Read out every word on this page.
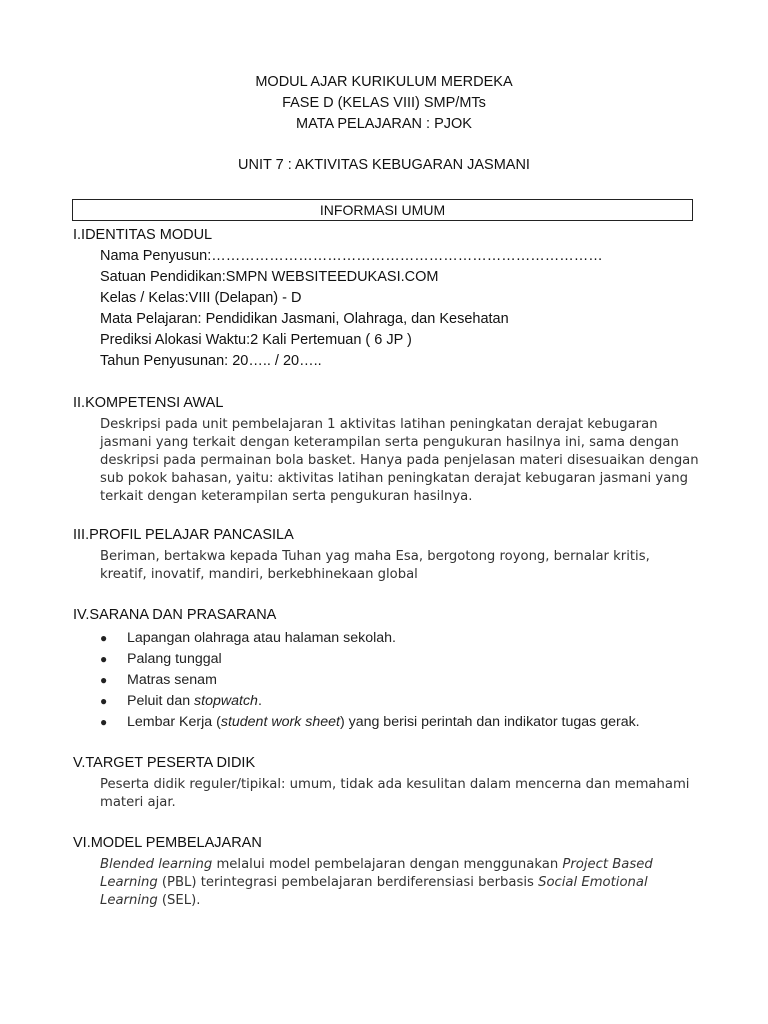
MODUL AJAR KURIKULUM MERDEKA
FASE D (KELAS VIII) SMP/MTs
MATA PELAJARAN : PJOK
UNIT 7 : AKTIVITAS KEBUGARAN JASMANI
INFORMASI UMUM
I.IDENTITAS MODUL
Nama Penyusun:………………………………………………………………………
Satuan Pendidikan:SMPN WEBSITEEDUKASI.COM
Kelas / Kelas:VIII (Delapan) - D
Mata Pelajaran: Pendidikan Jasmani, Olahraga, dan Kesehatan
Prediksi Alokasi Waktu:2 Kali Pertemuan ( 6 JP )
Tahun Penyusunan: 20….. / 20…..
II.KOMPETENSI AWAL
Deskripsi pada unit pembelajaran 1 aktivitas latihan peningkatan derajat kebugaran jasmani yang terkait dengan keterampilan serta pengukuran hasilnya ini, sama dengan deskripsi pada permainan bola basket. Hanya pada penjelasan materi disesuaikan dengan sub pokok bahasan, yaitu: aktivitas latihan peningkatan derajat kebugaran jasmani yang terkait dengan keterampilan serta pengukuran hasilnya.
III.PROFIL PELAJAR PANCASILA
Beriman, bertakwa kepada Tuhan yag maha Esa, bergotong royong, bernalar kritis, kreatif, inovatif, mandiri, berkebhinekaan global
IV.SARANA DAN PRASARANA
●	Lapangan olahraga atau halaman sekolah.
●	Palang tunggal
●	Matras senam
●	Peluit dan stopwatch.
●	Lembar Kerja (student work sheet) yang berisi perintah dan indikator tugas gerak.
V.TARGET PESERTA DIDIK
Peserta didik reguler/tipikal: umum, tidak ada kesulitan dalam mencerna dan memahami materi ajar.
VI.MODEL PEMBELAJARAN
Blended learning melalui model pembelajaran dengan menggunakan Project Based Learning (PBL) terintegrasi pembelajaran berdiferensiasi berbasis Social Emotional Learning (SEL).
